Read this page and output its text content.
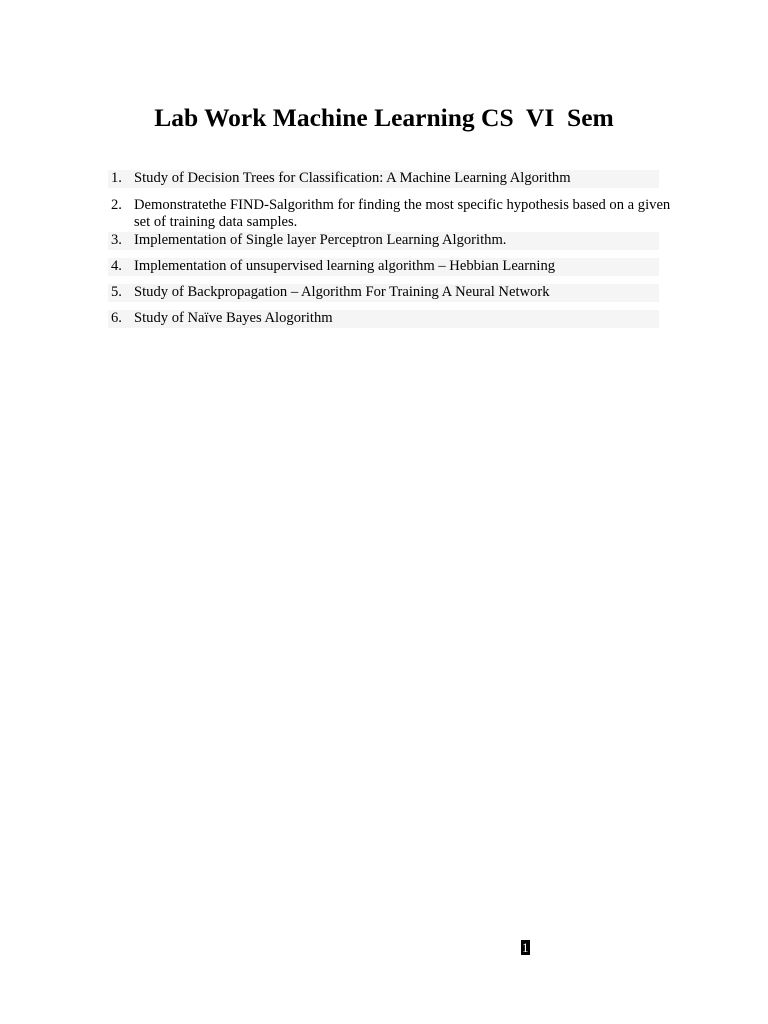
Lab Work Machine Learning CS  VI  Sem
1. Study of Decision Trees for Classification: A Machine Learning Algorithm
2. Demonstratethe FIND-Salgorithm for finding the most specific hypothesis based on a given set of training data samples.
3. Implementation of Single layer Perceptron Learning Algorithm.
4. Implementation of unsupervised learning algorithm – Hebbian Learning
5. Study of Backpropagation – Algorithm For Training A Neural Network
6. Study of Naïve Bayes Alogorithm
1
